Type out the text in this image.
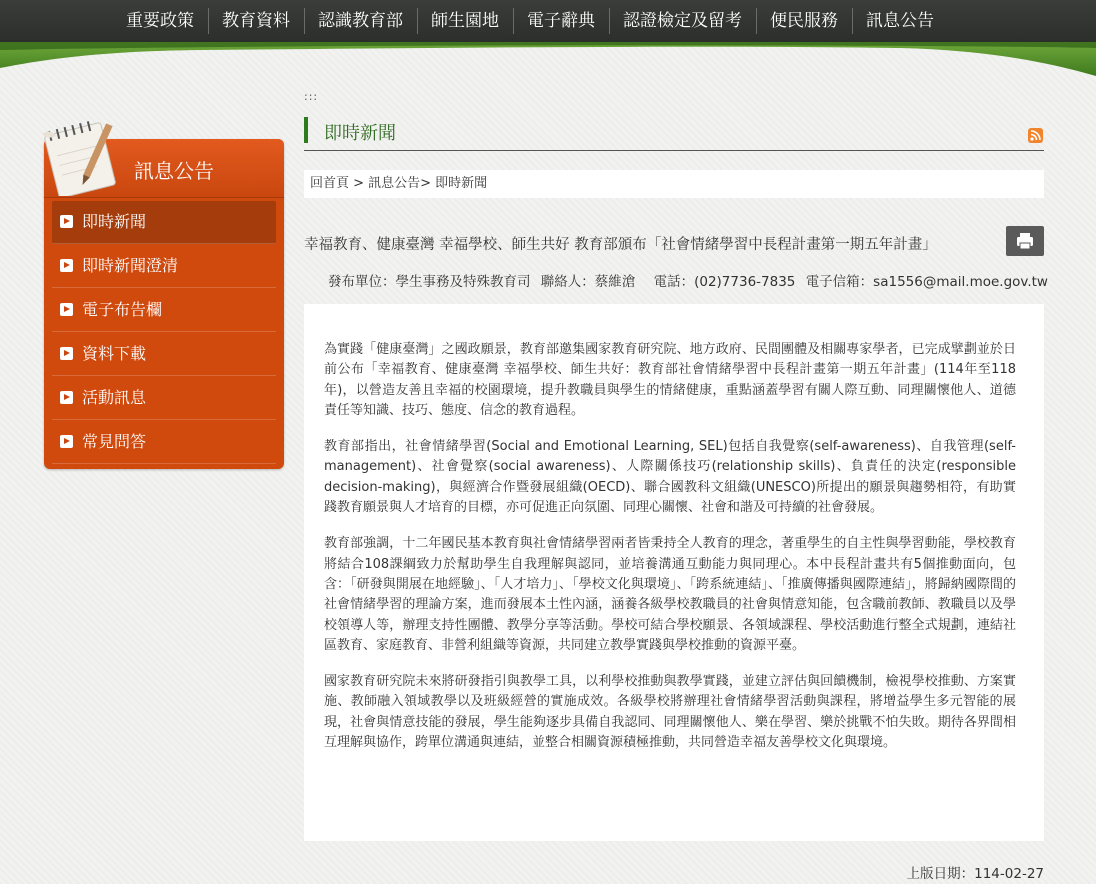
重要政策	教育資料	認識教育部	師生園地	電子辭典	認證檢定及留考	便民服務	訊息公告
訊息公告
即時新聞
即時新聞澄清
電子布告欄
資料下載
活動訊息
常見問答
:::
即時新聞
回首頁 > 訊息公告> 即時新聞
幸福教育、健康臺灣 幸福學校、師生共好 教育部頒布「社會情緒學習中長程計畫第一期五年計畫」
發布單位：學生事務及特殊教育司 聯絡人：蔡維滄 電話：(02)7736-7835 電子信箱：sa1556@mail.moe.gov.tw

為實踐「健康臺灣」之國政願景，教育部邀集國家教育研究院、地方政府、民間團體及相關專家學者，已完成擘劃並於日前公布「幸福教育、健康臺灣 幸福學校、師生共好：教育部社會情緒學習中長程計畫第一期五年計畫」(114年至118年)，以營造友善且幸福的校園環境，提升教職員與學生的情緒健康，重點涵蓋學習有關人際互動、同理關懷他人、道德責任等知識、技巧、態度、信念的教育過程。

教育部指出，社會情緒學習(Social and Emotional Learning, SEL)包括自我覺察(self-awareness)、自我管理(self-management)、社會覺察(social awareness)、人際關係技巧(relationship skills)、負責任的決定(responsible decision-making)，與經濟合作暨發展組織(OECD)、聯合國教科文組織(UNESCO)所提出的願景與趨勢相符，有助實踐教育願景與人才培育的目標，亦可促進正向氛圍、同理心關懷、社會和諧及可持續的社會發展。

教育部強調，十二年國民基本教育與社會情緒學習兩者皆秉持全人教育的理念，著重學生的自主性與學習動能，學校教育將結合108課綱致力於幫助學生自我理解與認同，並培養溝通互動能力與同理心。本中長程計畫共有5個推動面向，包含：「研發與開展在地經驗」、「人才培力」、「學校文化與環境」、「跨系統連結」、「推廣傳播與國際連結」，將歸納國際間的社會情緒學習的理論方案，進而發展本土性內涵，涵養各級學校教職員的社會與情意知能，包含職前教師、教職員以及學校領導人等，辦理支持性團體、教學分享等活動。學校可結合學校願景、各領域課程、學校活動進行整全式規劃，連結社區教育、家庭教育、非營利組織等資源，共同建立教學實踐與學校推動的資源平臺。

國家教育研究院未來將研發指引與教學工具，以利學校推動與教學實踐，並建立評估與回饋機制，檢視學校推動、方案實施、教師融入領域教學以及班級經營的實施成效。各級學校將辦理社會情緒學習活動與課程，將增益學生多元智能的展現，社會與情意技能的發展，學生能夠逐步具備自我認同、同理關懷他人、樂在學習、樂於挑戰不怕失敗。期待各界間相互理解與協作，跨單位溝通與連結，並整合相關資源積極推動，共同營造幸福友善學校文化與環境。

上版日期：114-02-27
